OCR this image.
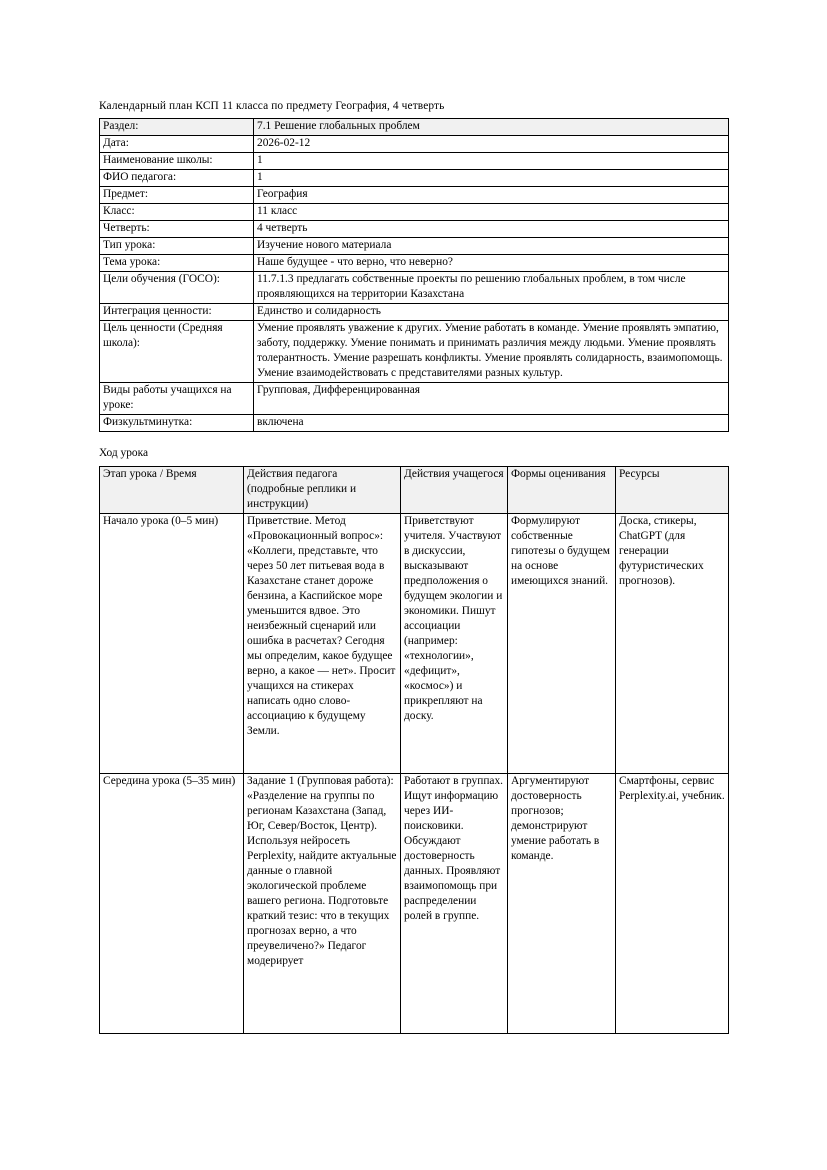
Календарный план КСП 11 класса по предмету География, 4 четверть
Раздел:	7.1 Решение глобальных проблем
Дата:	2026-02-12
Наименование школы:	1
ФИО педагога:	1
Предмет:	География
Класс:	11 класс
Четверть:	4 четверть
Тип урока:	Изучение нового материала
Тема урока:	Наше будущее - что верно, что неверно?
Цели обучения (ГОСО):	11.7.1.3 предлагать собственные проекты по решению глобальных проблем, в том числе проявляющихся на территории Казахстана
Интеграция ценности:	Единство и солидарность
Цель ценности (Средняя школа):	Умение проявлять уважение к других. Умение работать в команде. Умение проявлять эмпатию, заботу, поддержку. Умение понимать и принимать различия между людьми. Умение проявлять толерантность. Умение разрешать конфликты. Умение проявлять солидарность, взаимопомощь. Умение взаимодействовать с представителями разных культур.
Виды работы учащихся на уроке:	Групповая, Дифференцированная
Физкультминутка:	включена
Ход урока
Этап урока / Время	Действия педагога (подробные реплики и инструкции)	Действия учащегося	Формы оценивания	Ресурсы
Начало урока (0–5 мин)	Приветствие. Метод «Провокационный вопрос»: «Коллеги, представьте, что через 50 лет питьевая вода в Казахстане станет дороже бензина, а Каспийское море уменьшится вдвое. Это неизбежный сценарий или ошибка в расчетах? Сегодня мы определим, какое будущее верно, а какое — нет». Просит учащихся на стикерах написать одно слово-ассоциацию к будущему Земли.	Приветствуют учителя. Участвуют в дискуссии, высказывают предположения о будущем экологии и экономики. Пишут ассоциации (например: «технологии», «дефицит», «космос») и прикрепляют на доску.	Формулируют собственные гипотезы о будущем на основе имеющихся знаний.	Доска, стикеры, ChatGPT (для генерации футуристических прогнозов).
Середина урока (5–35 мин)	Задание 1 (Групповая работа): «Разделение на группы по регионам Казахстана (Запад, Юг, Север/Восток, Центр). Используя нейросеть Perplexity, найдите актуальные данные о главной экологической проблеме вашего региона. Подготовьте краткий тезис: что в текущих прогнозах верно, а что преувеличено?» Педагог модерирует	Работают в группах. Ищут информацию через ИИ-поисковики. Обсуждают достоверность данных. Проявляют взаимопомощь при распределении ролей в группе.	Аргументируют достоверность прогнозов; демонстрируют умение работать в команде.	Смартфоны, сервис Perplexity.ai, учебник.
